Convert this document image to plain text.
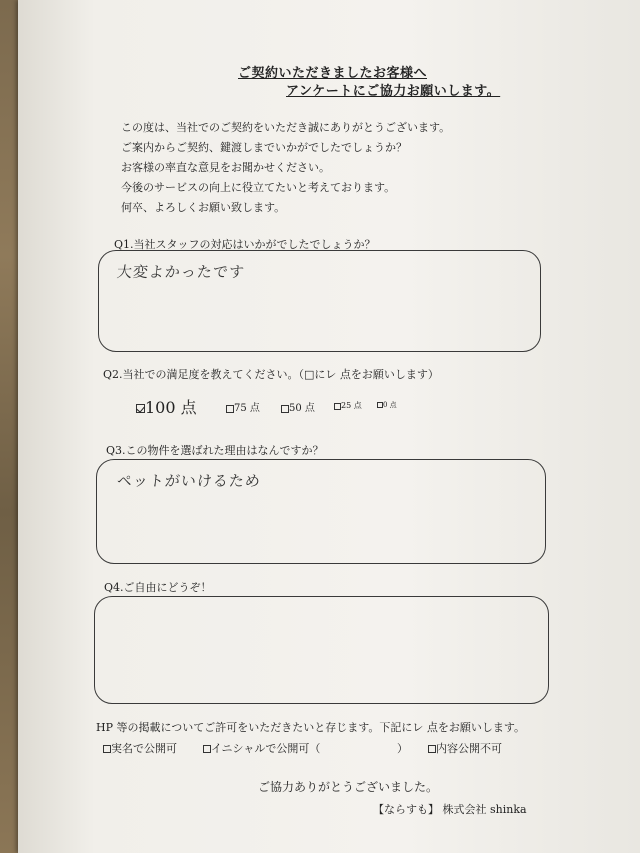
ご契約いただきましたお客様へ
アンケートにご協力お願いします。
この度は、当社でのご契約をいただき誠にありがとうございます。
ご案内からご契約、鍵渡しまでいかがでしたでしょうか？
お客様の率直な意見をお聞かせください。
今後のサービスの向上に役立てたいと考えております。
何卒、よろしくお願い致します。
Q1.当社スタッフの対応はいかがでしたでしょうか？
大変よかったです
Q2.当社での満足度を教えてください。（□にレ 点をお願いします）
100 点	75 点	50 点	25 点	0 点
Q3.この物件を選ばれた理由はなんですか？
ペットがいけるため
Q4.ご自由にどうぞ！
HP 等の掲載についてご許可をいただきたいと存じます。下記にレ 点をお願いします。
実名で公開可	イニシャルで公開可（	）	内容公開不可
ご協力ありがとうございました。
【ならすも】 株式会社 shinka
